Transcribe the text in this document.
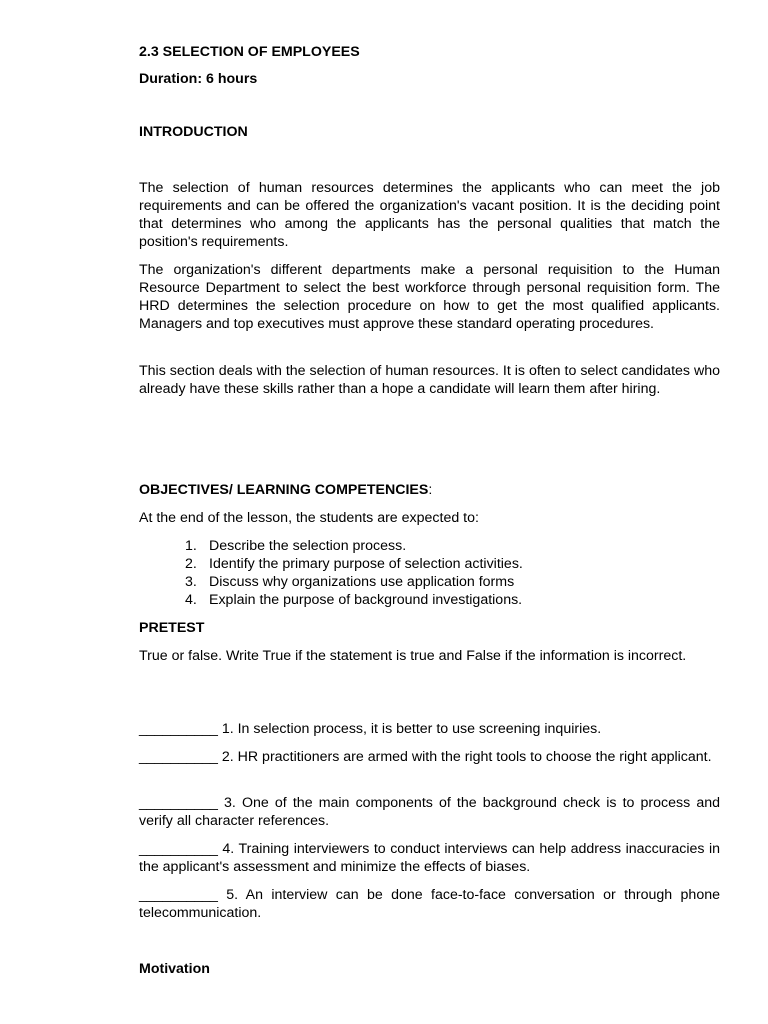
2.3 SELECTION OF EMPLOYEES
Duration: 6 hours
INTRODUCTION

The selection of human resources determines the applicants who can meet the job requirements and can be offered the organization's vacant position. It is the deciding point that determines who among the applicants has the personal qualities that match the position's requirements.

The organization's different departments make a personal requisition to the Human Resource Department to select the best workforce through personal requisition form. The HRD determines the selection procedure on how to get the most qualified applicants. Managers and top executives must approve these standard operating procedures.

This section deals with the selection of human resources. It is often to select candidates who already have these skills rather than a hope a candidate will learn them after hiring.

OBJECTIVES/ LEARNING COMPETENCIES:

At the end of the lesson, the students are expected to:

1. Describe the selection process.
2. Identify the primary purpose of selection activities.
3. Discuss why organizations use application forms
4. Explain the purpose of background investigations.
PRETEST

True or false. Write True if the statement is true and False if the information is incorrect.

__________ 1. In selection process, it is better to use screening inquiries.

__________ 2. HR practitioners are armed with the right tools to choose the right applicant.

__________ 3. One of the main components of the background check is to process and verify all character references.

__________ 4. Training interviewers to conduct interviews can help address inaccuracies in the applicant's assessment and minimize the effects of biases.

__________ 5. An interview can be done face-to-face conversation or through phone telecommunication.

Motivation
